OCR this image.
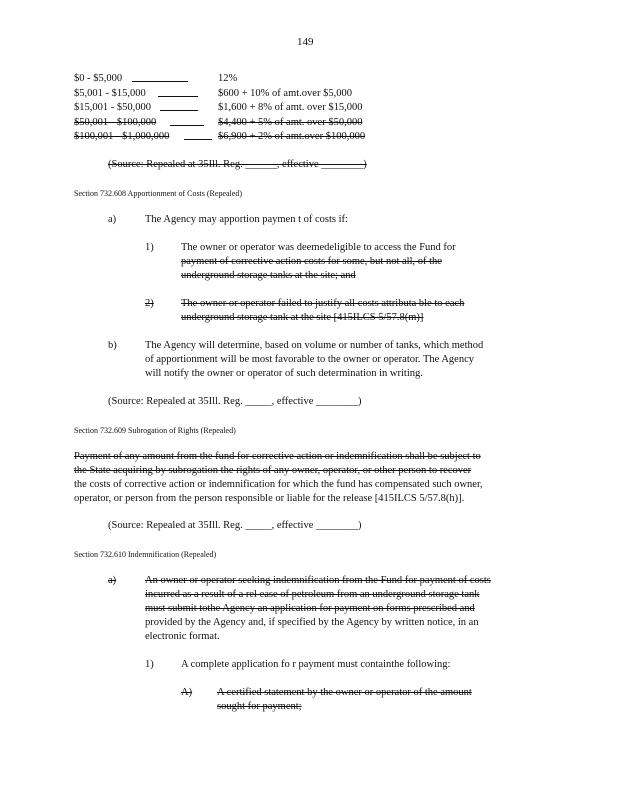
149
$0 - $5,000	12%
$5,001 - $15,000	$600 + 10% of amt.over $5,000
$15,001 - $50,000	$1,600 + 8% of amt. over $15,000
$50,001 - $100,000	$4,400 + 5% of amt. over $50,000
$100,001 - $1,000,000	$6,900 + 2% of amt.over $100,000
(Source: Repealed at 35Ill. Reg. ______, effective ________)
Section 732.608 Apportionment of Costs (Repealed)
a)	The Agency may apportion paymen t of costs if:
1)	The owner or operator was deemedeligible to access the Fund for
payment of corrective action costs for some, but not all, of the
underground storage tanks at the site; and
2)	The owner or operator failed to justify all costs attributa ble to each
underground storage tank at the site [415ILCS 5/57.8(m)]
b)	The Agency will determine, based on volume or number of tanks, which method
of apportionment will be most favorable to the owner or operator. The Agency
will notify the owner or operator of such determination in writing.
(Source: Repealed at 35Ill. Reg. _____, effective ________)
Section 732.609 Subrogation of Rights (Repealed)
Payment of any amount from the fund for corrective action or indemnification shall be subject to
the State acquiring by subrogation the rights of any owner, operator, or other person to recover
the costs of corrective action or indemnification for which the fund has compensated such owner,
operator, or person from the person responsible or liable for the release [415ILCS 5/57.8(h)].
(Source: Repealed at 35Ill. Reg. _____, effective ________)
Section 732.610 Indemnification (Repealed)
a)	An owner or operator seeking indemnification from the Fund for payment of costs
incurred as a result of a rel ease of petroleum from an underground storage tank
must submit tothe Agency an application for payment on forms prescribed and
provided by the Agency and, if specified by the Agency by written notice, in an
electronic format.
1)	A complete application fo r payment must containthe following:
A) A certified statement by the owner or operator of the amount
sought for payment;
